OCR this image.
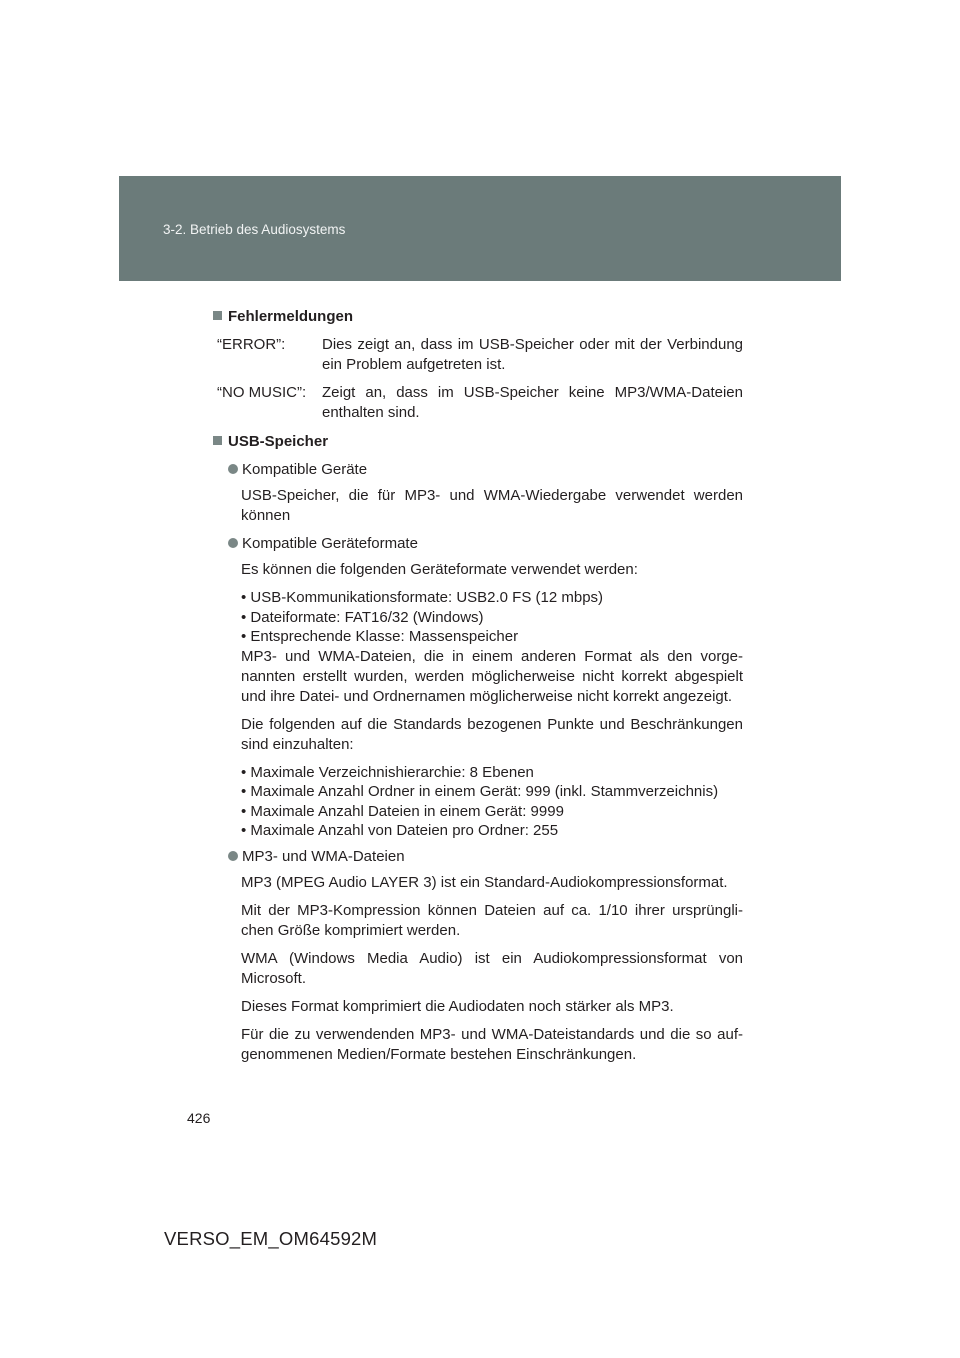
3-2. Betrieb des Audiosystems
Fehlermeldungen
“ERROR”:	Dies zeigt an, dass im USB-Speicher oder mit der Verbindung ein Problem aufgetreten ist.
“NO MUSIC”:	Zeigt an, dass im USB-Speicher keine MP3/WMA-Dateien enthalten sind.
USB-Speicher
Kompatible Geräte
USB-Speicher, die für MP3- und WMA-Wiedergabe verwendet werden können
Kompatible Geräteformate
Es können die folgenden Geräteformate verwendet werden:
• USB-Kommunikationsformate: USB2.0 FS (12 mbps)
• Dateiformate: FAT16/32 (Windows)
• Entsprechende Klasse: Massenspeicher
MP3- und WMA-Dateien, die in einem anderen Format als den vorge-nannten erstellt wurden, werden möglicherweise nicht korrekt abgespielt und ihre Datei- und Ordnernamen möglicherweise nicht korrekt angezeigt.
Die folgenden auf die Standards bezogenen Punkte und Beschränkungen sind einzuhalten:
• Maximale Verzeichnishierarchie: 8 Ebenen
• Maximale Anzahl Ordner in einem Gerät: 999 (inkl. Stammverzeichnis)
• Maximale Anzahl Dateien in einem Gerät: 9999
• Maximale Anzahl von Dateien pro Ordner: 255
MP3- und WMA-Dateien
MP3 (MPEG Audio LAYER 3) ist ein Standard-Audiokompressionsformat.
Mit der MP3-Kompression können Dateien auf ca. 1/10 ihrer ursprüngli-chen Größe komprimiert werden.
WMA (Windows Media Audio) ist ein Audiokompressionsformat von Microsoft.
Dieses Format komprimiert die Audiodaten noch stärker als MP3.
Für die zu verwendenden MP3- und WMA-Dateistandards und die so auf-genommenen Medien/Formate bestehen Einschränkungen.
426
VERSO_EM_OM64592M
